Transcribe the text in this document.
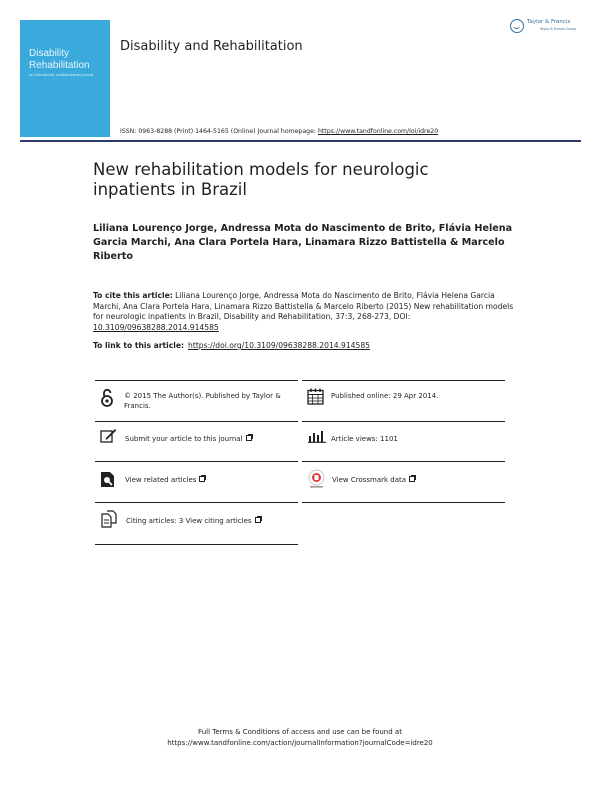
Disability
Rehabilitation
An international, multidisciplinary journal
Disability and Rehabilitation
Taylor & Francis
Taylor & Francis Group
ISSN: 0963-8288 (Print) 1464-5165 (Online) Journal homepage: https://www.tandfonline.com/loi/idre20
New rehabilitation models for neurologic inpatients in Brazil
Liliana Lourenço Jorge, Andressa Mota do Nascimento de Brito, Flávia Helena Garcia Marchi, Ana Clara Portela Hara, Linamara Rizzo Battistella & Marcelo Riberto
To cite this article: Liliana Lourenço Jorge, Andressa Mota do Nascimento de Brito, Flávia Helena Garcia Marchi, Ana Clara Portela Hara, Linamara Rizzo Battistella & Marcelo Riberto (2015) New rehabilitation models for neurologic inpatients in Brazil, Disability and Rehabilitation, 37:3, 268-273, DOI: 10.3109/09638288.2014.914585
To link to this article: https://doi.org/10.3109/09638288.2014.914585
© 2015 The Author(s). Published by Taylor & Francis.
Published online: 29 Apr 2014.
Submit your article to this journal	Article views: 1101
View related articles	View Crossmark data
Citing articles: 3 View citing articles
Full Terms & Conditions of access and use can be found at
https://www.tandfonline.com/action/journalInformation?journalCode=idre20
